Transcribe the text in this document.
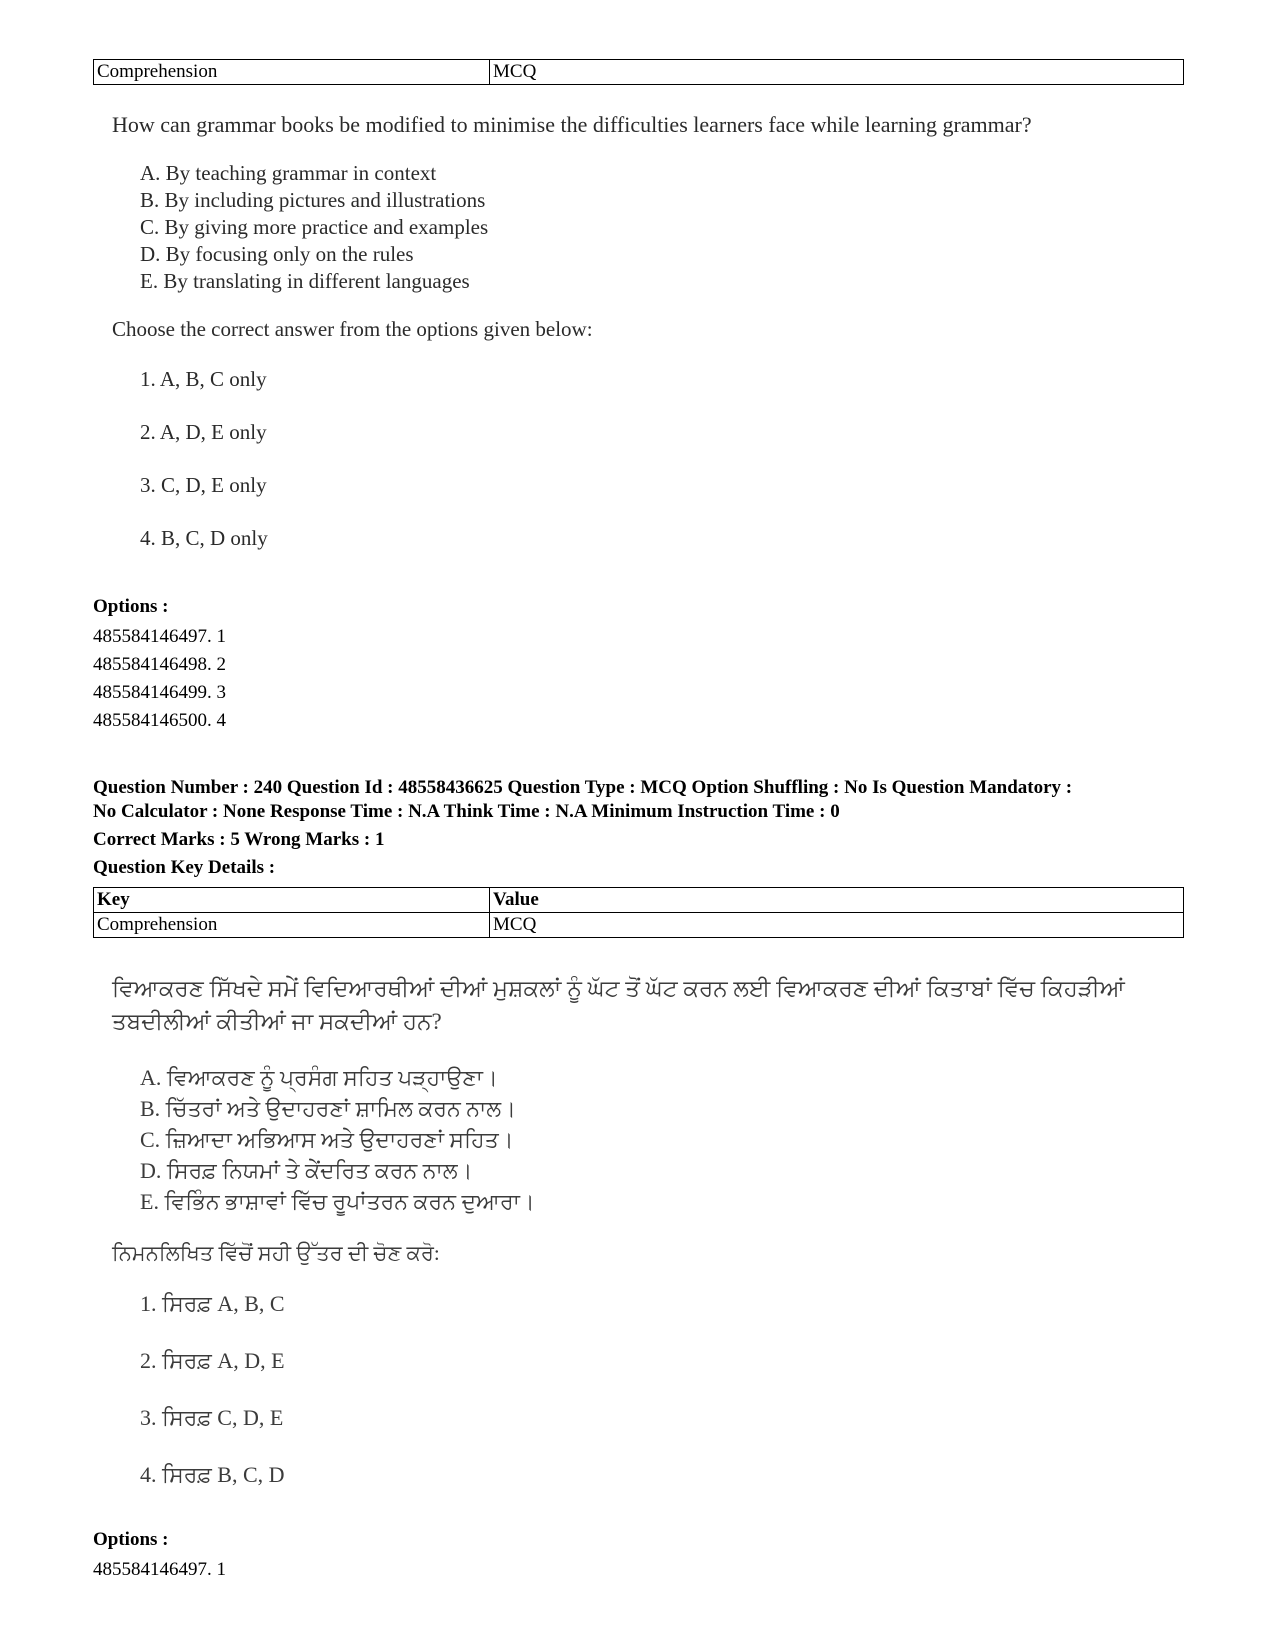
Comprehension	MCQ

How can grammar books be modified to minimise the difficulties learners face while learning grammar?

A. By teaching grammar in context
B. By including pictures and illustrations
C. By giving more practice and examples
D. By focusing only on the rules
E. By translating in different languages

Choose the correct answer from the options given below:

1. A, B, C only
2. A, D, E only
3. C, D, E only
4. B, C, D only
Options :
485584146497. 1
485584146498. 2
485584146499. 3
485584146500. 4
Question Number : 240 Question Id : 48558436625 Question Type : MCQ Option Shuffling : No Is Question Mandatory :
No Calculator : None Response Time : N.A Think Time : N.A Minimum Instruction Time : 0
Correct Marks : 5 Wrong Marks : 1
Question Key Details :
Key	Value
Comprehension	MCQ

ਵਿਆਕਰਣ ਸਿੱਖਦੇ ਸਮੇਂ ਵਿਦਿਆਰਥੀਆਂ ਦੀਆਂ ਮੁਸ਼ਕਲਾਂ ਨੂੰ ਘੱਟ ਤੋਂ ਘੱਟ ਕਰਨ ਲਈ ਵਿਆਕਰਣ ਦੀਆਂ ਕਿਤਾਬਾਂ ਵਿੱਚ ਕਿਹੜੀਆਂ

ਤਬਦੀਲੀਆਂ ਕੀਤੀਆਂ ਜਾ ਸਕਦੀਆਂ ਹਨ?

A. ਵਿਆਕਰਣ ਨੂੰ ਪ੍ਰਸੰਗ ਸਹਿਤ ਪੜ੍ਹਾਉਣਾ।
B. ਚਿੱਤਰਾਂ ਅਤੇ ਉਦਾਹਰਣਾਂ ਸ਼ਾਮਿਲ ਕਰਨ ਨਾਲ।
C. ਜ਼ਿਆਦਾ ਅਭਿਆਸ ਅਤੇ ਉਦਾਹਰਣਾਂ ਸਹਿਤ।
D. ਸਿਰਫ਼ ਨਿਯਮਾਂ ਤੇ ਕੇਂਦਰਿਤ ਕਰਨ ਨਾਲ।
E. ਵਿਭਿੰਨ ਭਾਸ਼ਾਵਾਂ ਵਿੱਚ ਰੂਪਾਂਤਰਨ ਕਰਨ ਦੁਆਰਾ।

ਨਿਮਨਲਿਖਿਤ ਵਿੱਚੋਂ ਸਹੀ ਉੱਤਰ ਦੀ ਚੋਣ ਕਰੋ:

1. ਸਿਰਫ਼ A, B, C
2. ਸਿਰਫ਼ A, D, E
3. ਸਿਰਫ਼ C, D, E
4. ਸਿਰਫ਼ B, C, D
Options :
485584146497. 1
